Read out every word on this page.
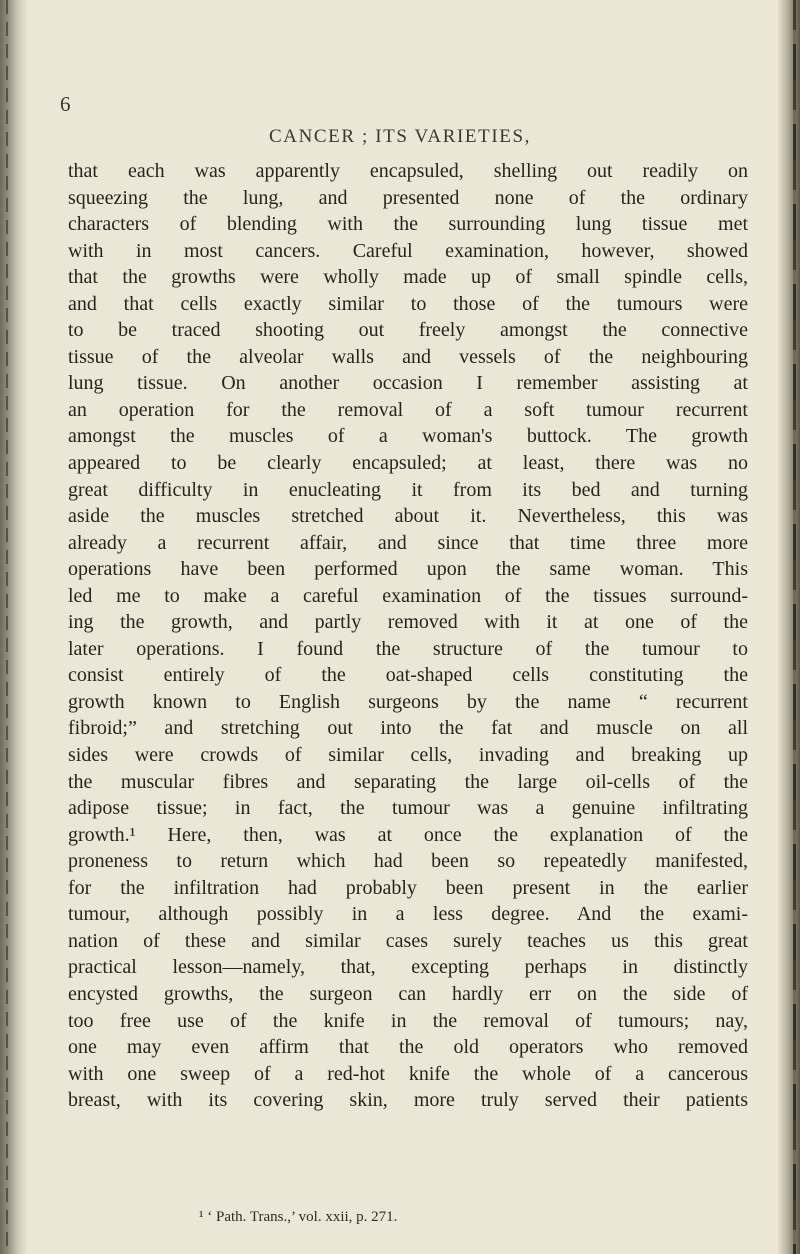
6
CANCER ; ITS VARIETIES,
that each was apparently encapsuled, shelling out readily on
squeezing the lung, and presented none of the ordinary
characters of blending with the surrounding lung tissue met
with in most cancers. Careful examination, however, showed
that the growths were wholly made up of small spindle cells,
and that cells exactly similar to those of the tumours were
to be traced shooting out freely amongst the connective
tissue of the alveolar walls and vessels of the neighbouring
lung tissue. On another occasion I remember assisting at
an operation for the removal of a soft tumour recurrent
amongst the muscles of a woman's buttock. The growth
appeared to be clearly encapsuled; at least, there was no
great difficulty in enucleating it from its bed and turning
aside the muscles stretched about it. Nevertheless, this was
already a recurrent affair, and since that time three more
operations have been performed upon the same woman. This
led me to make a careful examination of the tissues surround-
ing the growth, and partly removed with it at one of the
later operations. I found the structure of the tumour to
consist entirely of the oat-shaped cells constituting the
growth known to English surgeons by the name “ recurrent
fibroid;” and stretching out into the fat and muscle on all
sides were crowds of similar cells, invading and breaking up
the muscular fibres and separating the large oil-cells of the
adipose tissue; in fact, the tumour was a genuine infiltrating
growth.¹ Here, then, was at once the explanation of the
proneness to return which had been so repeatedly manifested,
for the infiltration had probably been present in the earlier
tumour, although possibly in a less degree. And the exami-
nation of these and similar cases surely teaches us this great
practical lesson—namely, that, excepting perhaps in distinctly
encysted growths, the surgeon can hardly err on the side of
too free use of the knife in the removal of tumours; nay,
one may even affirm that the old operators who removed
with one sweep of a red-hot knife the whole of a cancerous
breast, with its covering skin, more truly served their patients
¹ ‘ Path. Trans.,’ vol. xxii, p. 271.
